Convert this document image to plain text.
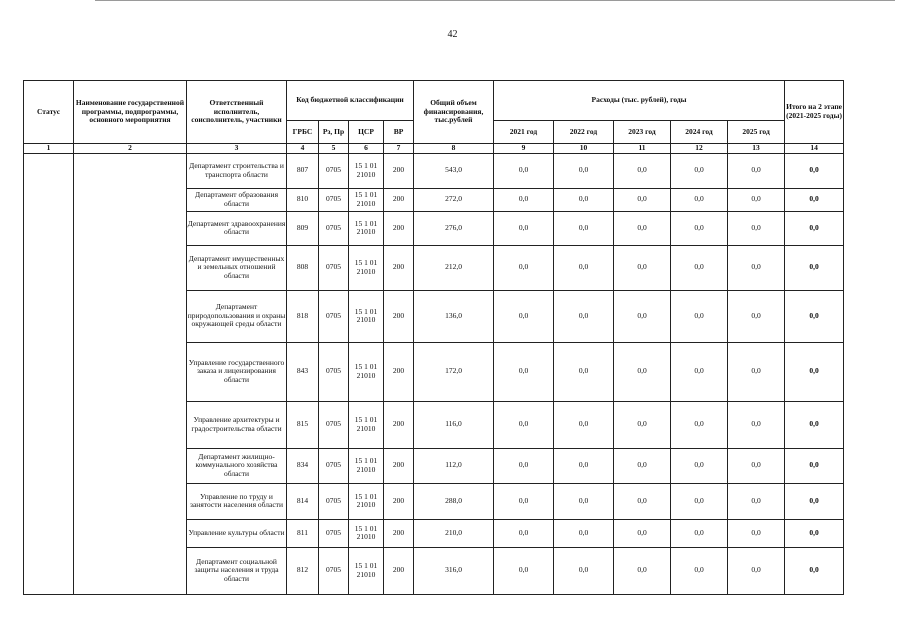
42
Статус	Наименование государственной программы, подпрограммы, основного мероприятия	Ответственный исполнитель, соисполнитель, участники	Код бюджетной классификации				Общий объем финансирования, тыс.рублей	Расходы (тыс. рублей), годы					Итого на 2 этапе (2021-2025 годы)
			ГРБС	Рз, Пр	ЦСР	ВР		2021 год	2022 год	2023 год	2024 год	2025 год	
1	2	3	4	5	6	7	8	9	10	11	12	13	14
		Департамент строительства и транспорта области	807	0705	15 1 01 21010	200	543,0	0,0	0,0	0,0	0,0	0,0	0,0
		Департамент образования области	810	0705	15 1 01 21010	200	272,0	0,0	0,0	0,0	0,0	0,0	0,0
		Департамент здравоохранения области	809	0705	15 1 01 21010	200	276,0	0,0	0,0	0,0	0,0	0,0	0,0
		Департамент имущественных и земельных отношений области	808	0705	15 1 01 21010	200	212,0	0,0	0,0	0,0	0,0	0,0	0,0
		Департамент природопользования и охраны окружающей среды области	818	0705	15 1 01 21010	200	136,0	0,0	0,0	0,0	0,0	0,0	0,0
		Управление государственного заказа и лицензирования области	843	0705	15 1 01 21010	200	172,0	0,0	0,0	0,0	0,0	0,0	0,0
		Управление архитектуры и градостроительства области	815	0705	15 1 01 21010	200	116,0	0,0	0,0	0,0	0,0	0,0	0,0
		Департамент жилищно-коммунального хозяйства области	834	0705	15 1 01 21010	200	112,0	0,0	0,0	0,0	0,0	0,0	0,0
		Управление по труду и занятости населения области	814	0705	15 1 01 21010	200	288,0	0,0	0,0	0,0	0,0	0,0	0,0
		Управление культуры области	811	0705	15 1 01 21010	200	210,0	0,0	0,0	0,0	0,0	0,0	0,0
		Департамент социальной защиты населения и труда области	812	0705	15 1 01 21010	200	316,0	0,0	0,0	0,0	0,0	0,0	0,0
